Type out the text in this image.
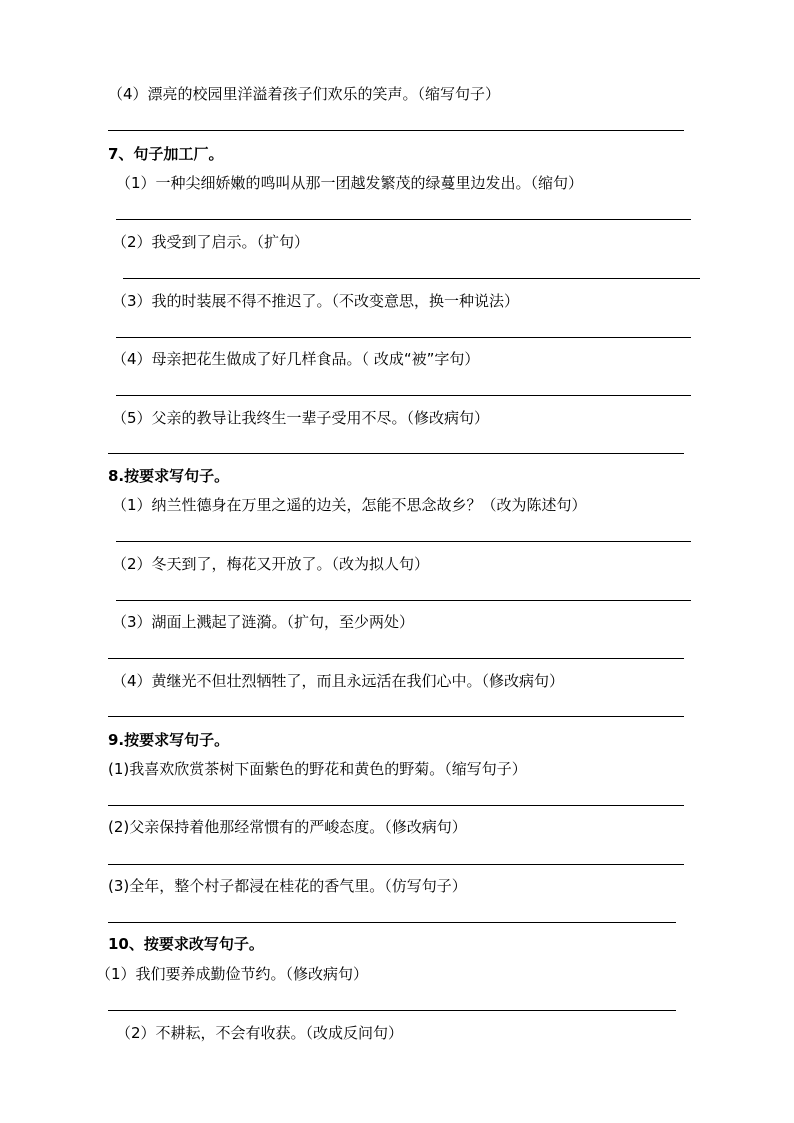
（4）漂亮的校园里洋溢着孩子们欢乐的笑声。（缩写句子）
7、句子加工厂。
（1）一种尖细娇嫩的鸣叫从那一团越发繁茂的绿蔓里边发出。（缩句）
（2）我受到了启示。（扩句）
（3）我的时装展不得不推迟了。（不改变意思，换一种说法）
（4）母亲把花生做成了好几样食品。（ 改成“被”字句）
（5）父亲的教导让我终生一辈子受用不尽。（修改病句）
8.按要求写句子。
（1）纳兰性德身在万里之遥的边关，怎能不思念故乡？（改为陈述句）
（2）冬天到了，梅花又开放了。（改为拟人句）
（3）湖面上溅起了涟漪。（扩句，至少两处）
（4）黄继光不但壮烈牺牲了，而且永远活在我们心中。（修改病句）
9.按要求写句子。
(1)我喜欢欣赏茶树下面紫色的野花和黄色的野菊。（缩写句子）
(2)父亲保持着他那经常惯有的严峻态度。（修改病句）
(3)全年，整个村子都浸在桂花的香气里。（仿写句子）
10、按要求改写句子。
（1）我们要养成勤俭节约。（修改病句）
（2）不耕耘，不会有收获。（改成反问句）
